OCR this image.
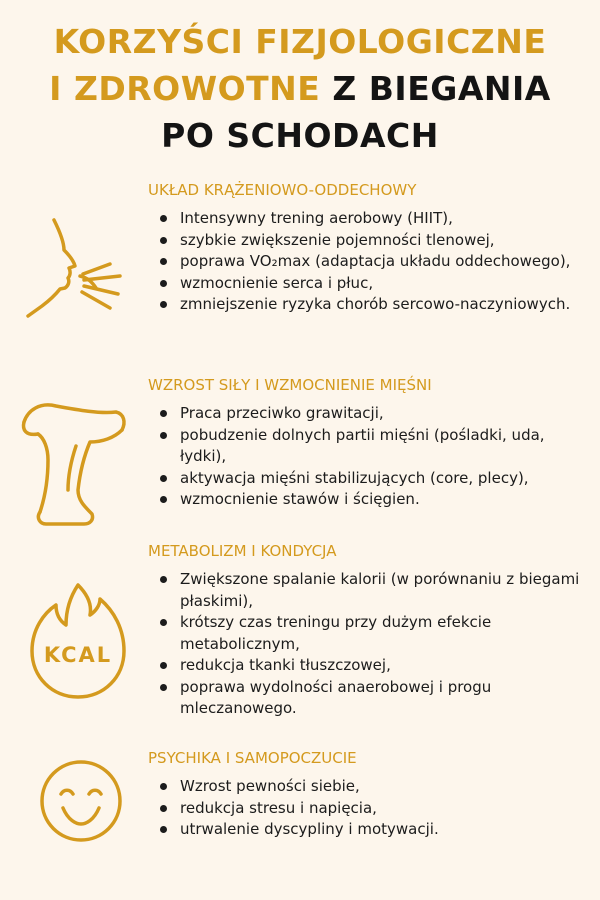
KORZYŚCI FIZJOLOGICZNE
I ZDROWOTNE Z BIEGANIA
PO SCHODACH
UKŁAD KRĄŻENIOWO-ODDECHOWY
Intensywny trening aerobowy (HIIT),
szybkie zwiększenie pojemności tlenowej,
poprawa VO₂max (adaptacja układu oddechowego),
wzmocnienie serca i płuc,
zmniejszenie ryzyka chorób sercowo-naczyniowych.
WZROST SIŁY I WZMOCNIENIE MIĘŚNI
Praca przeciwko grawitacji,
pobudzenie dolnych partii mięśni (pośladki, uda, łydki),
aktywacja mięśni stabilizujących (core, plecy),
wzmocnienie stawów i ścięgien.
METABOLIZM I KONDYCJA
KCAL
Zwiększone spalanie kalorii (w porównaniu z biegami płaskimi),
krótszy czas treningu przy dużym efekcie metabolicznym,
redukcja tkanki tłuszczowej,
poprawa wydolności anaerobowej i progu mleczanowego.
PSYCHIKA I SAMOPOCZUCIE
Wzrost pewności siebie,
redukcja stresu i napięcia,
utrwalenie dyscypliny i motywacji.
